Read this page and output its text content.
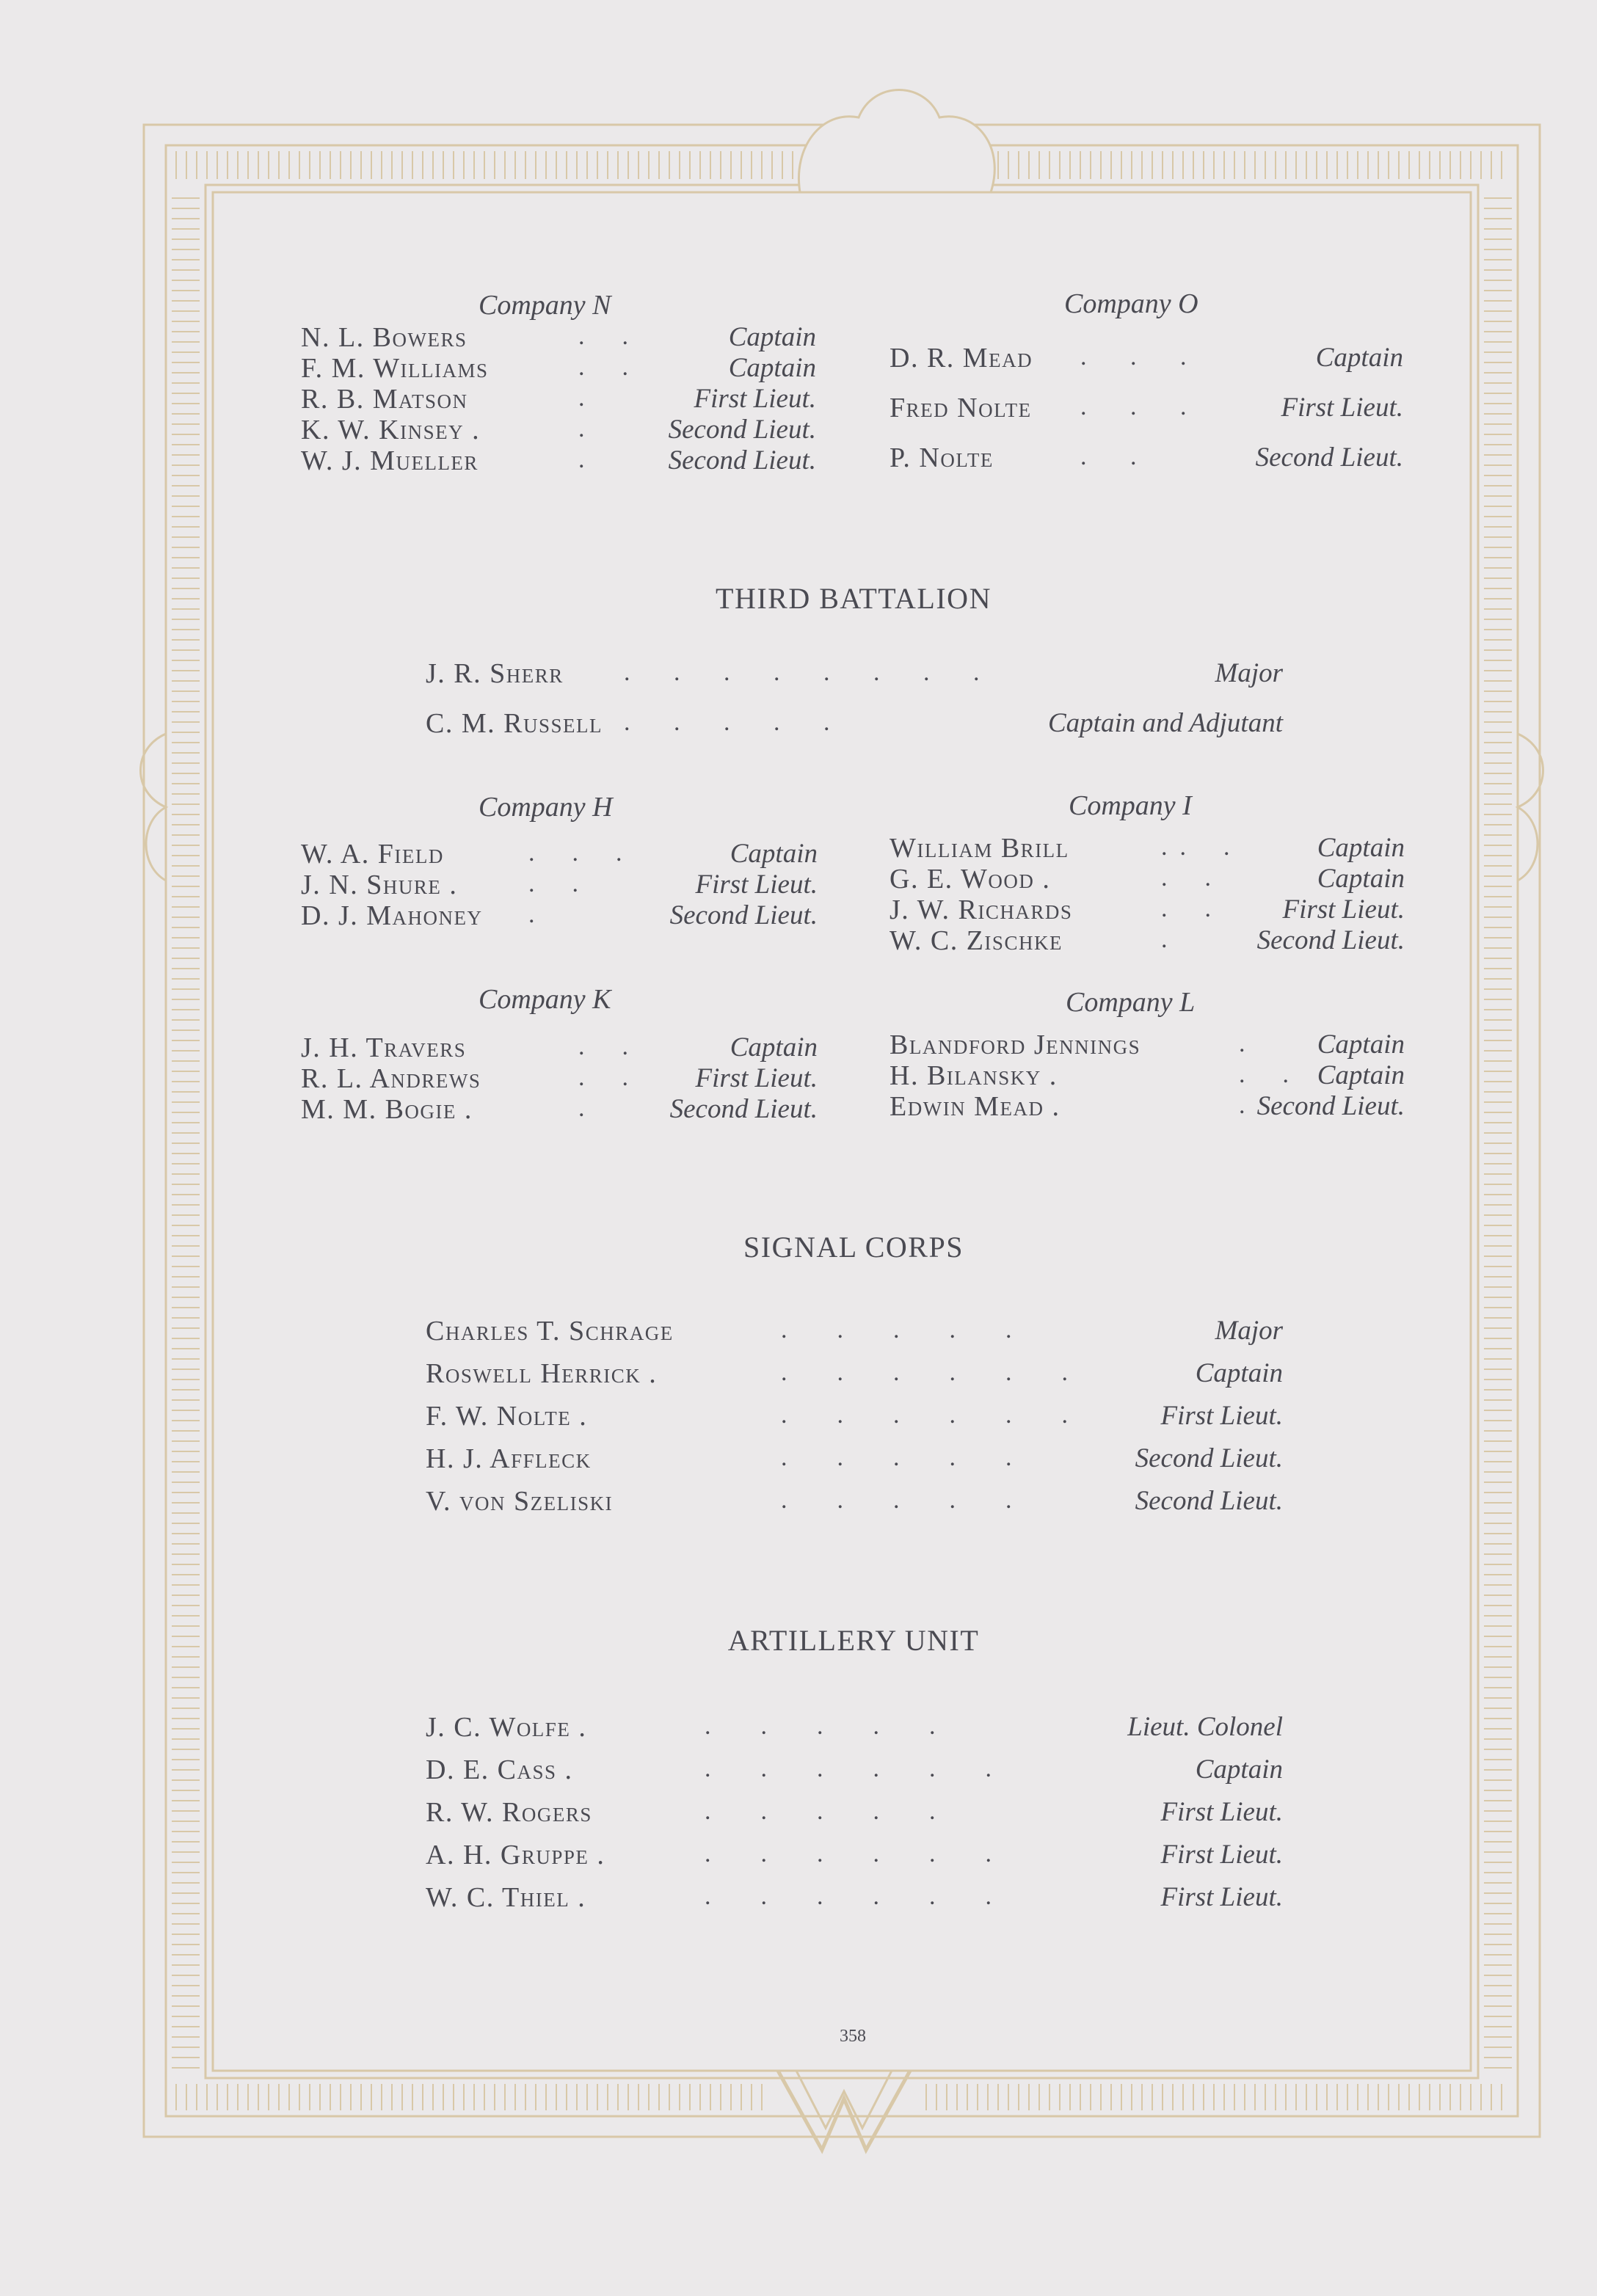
Company N
N. L. Bowers	.      .	Captain
F. M. Williams	.      .	Captain
R. B. Matson	.	First Lieut.
K. W. Kinsey .	.	Second Lieut.
W. J. Mueller	.	Second Lieut.
Company O
D. R. Mead .       .       .	Captain
Fred Nolte .       .       .	First Lieut.
P. Nolte	.       .	Second Lieut.
THIRD BATTALION
J. R. Sherr .       .       .       .       .       .       .       .	Major
C. M. Russell .       .       .       .       .	Captain and Adjutant
Company H
W. A. Field	.      .      .	Captain
J. N. Shure .	.      .	First Lieut.
D. J. Mahoney .	Second Lieut.
Company I
William Brill	.  .      .	Captain
G. E. Wood .	.      .	Captain
J. W. Richards	.      .	First Lieut.
W. C. Zischke	.	Second Lieut.
Company K
J. H. Travers	.      .	Captain
R. L. Andrews	.      .	First Lieut.
M. M. Bogie .	.	Second Lieut.
Company L
Blandford Jennings	.	Captain
H. Bilansky .	.      .	Captain
Edwin Mead .	. Second Lieut.
SIGNAL CORPS
Charles T. Schrage	.        .        .        .        .	Major
Roswell Herrick .	.        .        .        .        .        .	Captain
F. W. Nolte .	.        .        .        .        .        .	First Lieut.
H. J. Affleck	.        .        .        .        .	Second Lieut.
V. von Szeliski	.        .        .        .        .	Second Lieut.
ARTILLERY UNIT
J. C. Wolfe .	.        .        .        .        .	Lieut. Colonel
D. E. Cass .	.        .        .        .        .        .	Captain
R. W. Rogers	.        .        .        .        .	First Lieut.
A. H. Gruppe .	.        .        .        .        .        .	First Lieut.
W. C. Thiel .	.        .        .        .        .        .	First Lieut.
358
